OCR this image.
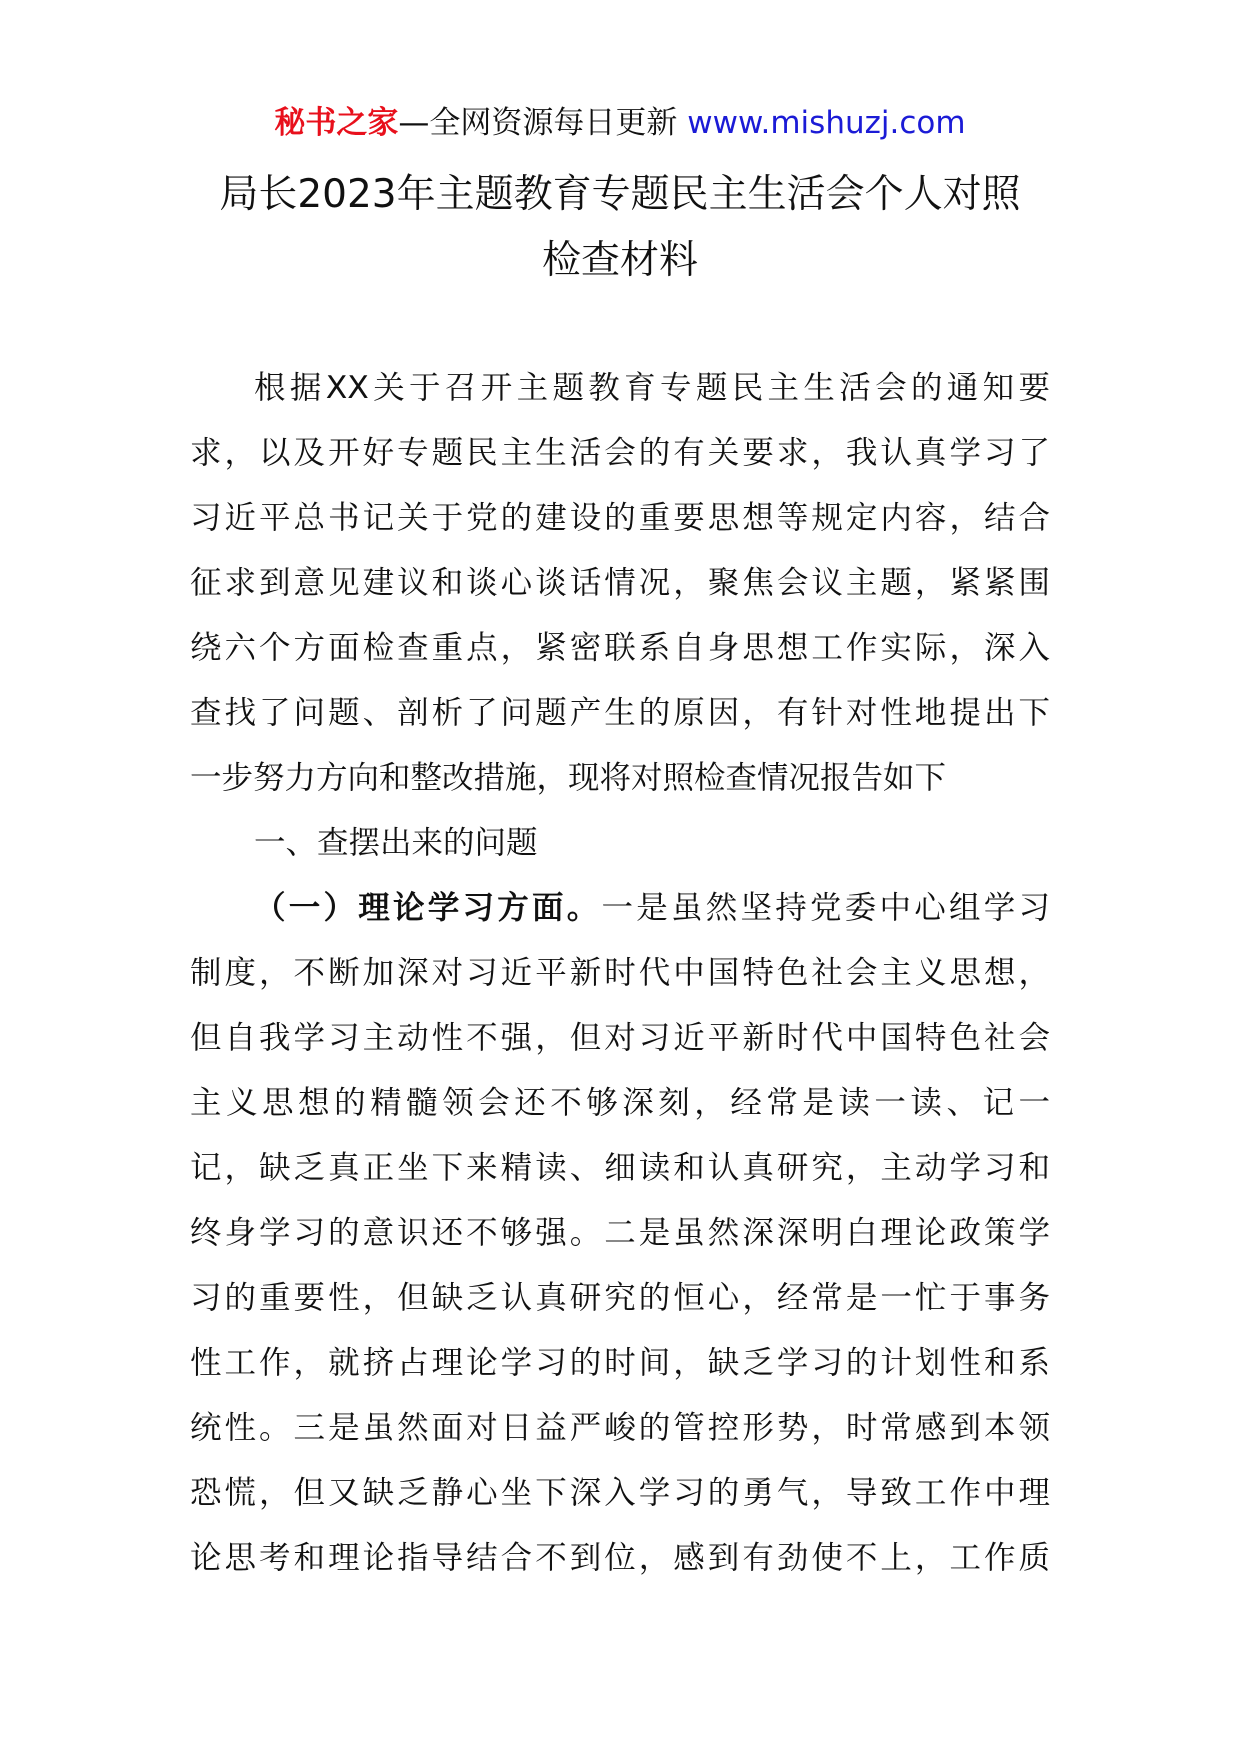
秘书之家—全网资源每日更新 www.mishuzj.com
局长2023年主题教育专题民主生活会个人对照
检查材料
根据XX关于召开主题教育专题民主生活会的通知要
求，以及开好专题民主生活会的有关要求，我认真学习了
习近平总书记关于党的建设的重要思想等规定内容，结合
征求到意见建议和谈心谈话情况，聚焦会议主题，紧紧围
绕六个方面检查重点，紧密联系自身思想工作实际，深入
查找了问题、剖析了问题产生的原因，有针对性地提出下
一步努力方向和整改措施，现将对照检查情况报告如下
一、查摆出来的问题
（一）理论学习方面。一是虽然坚持党委中心组学习
制度，不断加深对习近平新时代中国特色社会主义思想，
但自我学习主动性不强，但对习近平新时代中国特色社会
主义思想的精髓领会还不够深刻，经常是读一读、记一
记，缺乏真正坐下来精读、细读和认真研究，主动学习和
终身学习的意识还不够强。二是虽然深深明白理论政策学
习的重要性，但缺乏认真研究的恒心，经常是一忙于事务
性工作，就挤占理论学习的时间，缺乏学习的计划性和系
统性。三是虽然面对日益严峻的管控形势，时常感到本领
恐慌，但又缺乏静心坐下深入学习的勇气，导致工作中理
论思考和理论指导结合不到位，感到有劲使不上，工作质
